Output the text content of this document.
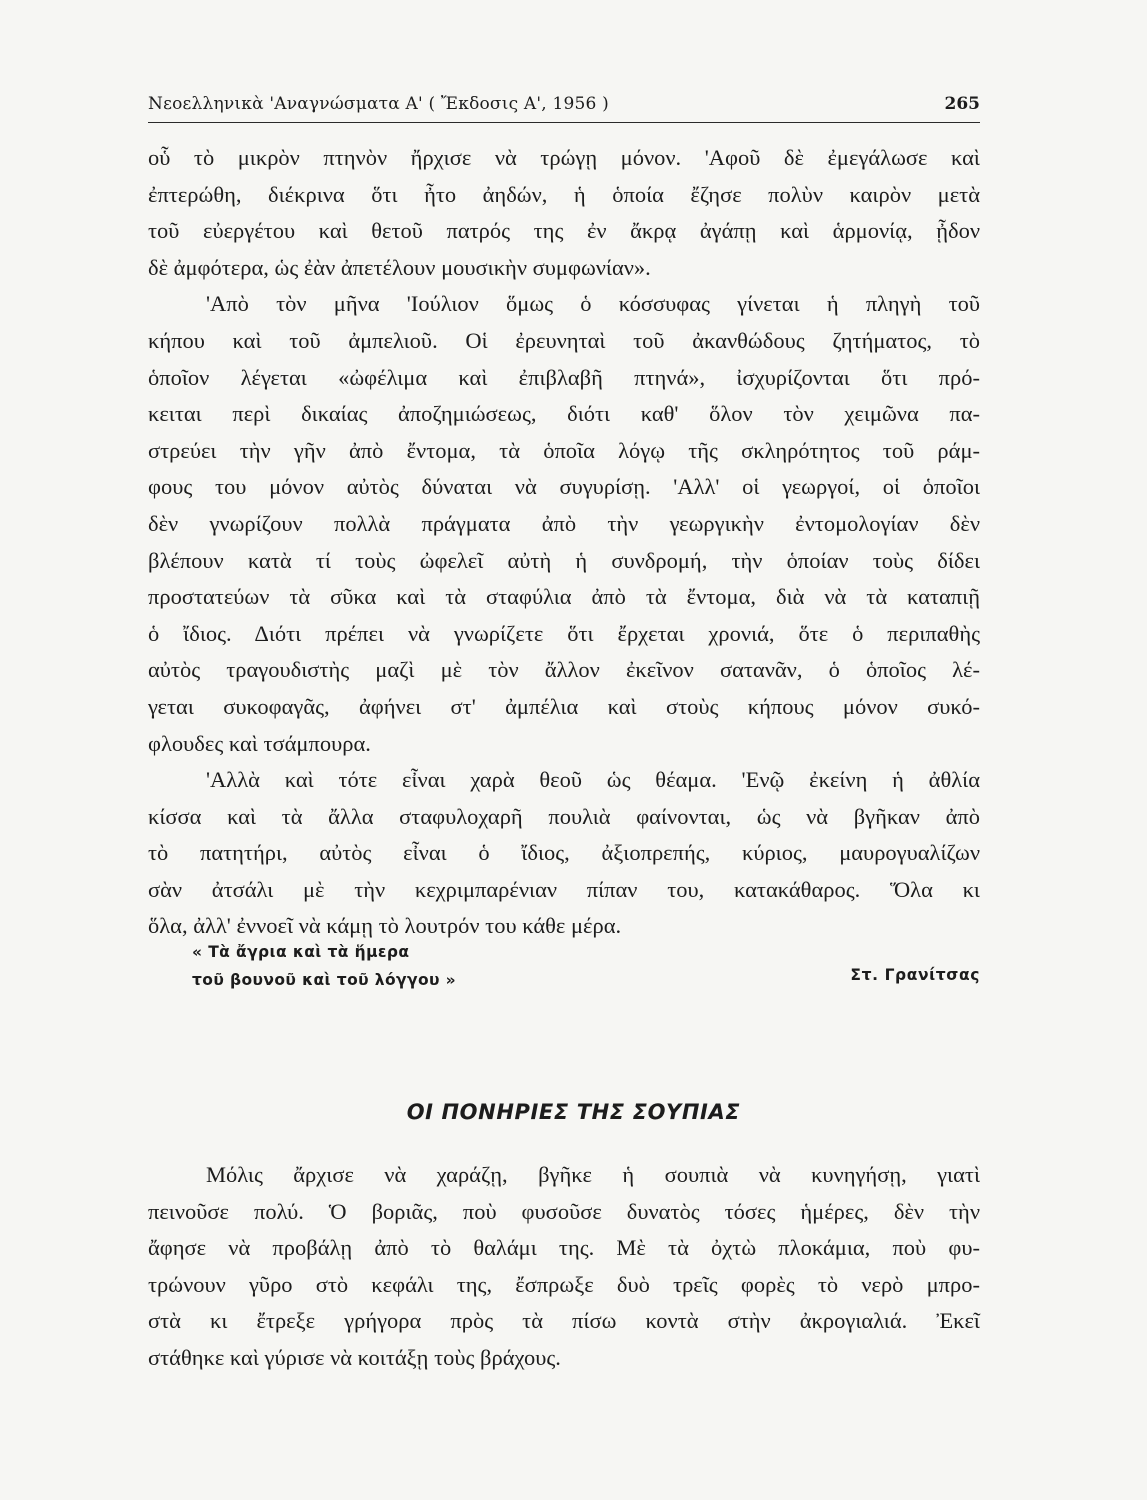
Νεοελληνικὰ 'Αναγνώσματα Α' ( Ἔκδοσις Α', 1956 )	265
οὗ τὸ μικρὸν πτηνὸν ἤρχισε νὰ τρώγῃ μόνον. 'Αφοῦ δὲ ἐμεγάλωσε καὶ
ἐπτερώθη, διέκρινα ὅτι ἦτο ἀηδών, ἡ ὁποία ἔζησε πολὺν καιρὸν μετὰ
τοῦ εὐεργέτου καὶ θετοῦ πατρός της ἐν ἄκρᾳ ἀγάπῃ καὶ ἁρμονίᾳ, ᾖδον
δὲ ἀμφότερα, ὡς ἐὰν ἀπετέλουν μουσικὴν συμφωνίαν».
'Απὸ τὸν μῆνα 'Ιούλιον ὅμως ὁ κόσσυφας γίνεται ἡ πληγὴ τοῦ
κήπου καὶ τοῦ ἀμπελιοῦ. Οἱ ἐρευνηταὶ τοῦ ἀκανθώδους ζητήματος, τὸ
ὁποῖον λέγεται «ὠφέλιμα καὶ ἐπιβλαβῆ πτηνά», ἰσχυρίζονται ὅτι πρό-
κειται περὶ δικαίας ἀποζημιώσεως, διότι καθ' ὅλον τὸν χειμῶνα πα-
στρεύει τὴν γῆν ἀπὸ ἔντομα, τὰ ὁποῖα λόγῳ τῆς σκληρότητος τοῦ ράμ-
φους του μόνον αὐτὸς δύναται νὰ συγυρίσῃ. 'Αλλ' οἱ γεωργοί, οἱ ὁποῖοι
δὲν γνωρίζουν πολλὰ πράγματα ἀπὸ τὴν γεωργικὴν ἐντομολογίαν δὲν
βλέπουν κατὰ τί τοὺς ὠφελεῖ αὐτὴ ἡ συνδρομή, τὴν ὁποίαν τοὺς δίδει
προστατεύων τὰ σῦκα καὶ τὰ σταφύλια ἀπὸ τὰ ἔντομα, διὰ νὰ τὰ καταπιῇ
ὁ ἴδιος. Διότι πρέπει νὰ γνωρίζετε ὅτι ἔρχεται χρονιά, ὅτε ὁ περιπαθὴς
αὐτὸς τραγουδιστὴς μαζὶ μὲ τὸν ἄλλον ἐκεῖνον σατανᾶν, ὁ ὁποῖος λέ-
γεται συκοφαγᾶς, ἀφήνει στ' ἀμπέλια καὶ στοὺς κήπους μόνον συκό-
φλουδες καὶ τσάμπουρα.
'Αλλὰ καὶ τότε εἶναι χαρὰ θεοῦ ὡς θέαμα. 'Ενῷ ἐκείνη ἡ ἀθλία
κίσσα καὶ τὰ ἄλλα σταφυλοχαρῆ πουλιὰ φαίνονται, ὡς νὰ βγῆκαν ἀπὸ
τὸ πατητήρι, αὐτὸς εἶναι ὁ ἴδιος, ἀξιοπρεπής, κύριος, μαυρογυαλίζων
σὰν ἀτσάλι μὲ τὴν κεχριμπαρένιαν πίπαν του, κατακάθαρος. Ὅλα κι
ὅλα, ἀλλ' ἐννοεῖ νὰ κάμῃ τὸ λουτρόν του κάθε μέρα.
« Τὰ ἄγρια καὶ τὰ ἥμερα
τοῦ βουνοῦ καὶ τοῦ λόγγου »	Στ. Γρανίτσας
ΟΙ ΠΟΝΗΡΙΕΣ ΤΗΣ ΣΟΥΠΙΑΣ
Μόλις ἄρχισε νὰ χαράζῃ, βγῆκε ἡ σουπιὰ νὰ κυνηγήσῃ, γιατὶ
πεινοῦσε πολύ. Ὁ βοριᾶς, ποὺ φυσοῦσε δυνατὸς τόσες ἡμέρες, δὲν τὴν
ἄφησε νὰ προβάλῃ ἀπὸ τὸ θαλάμι της. Μὲ τὰ ὀχτὼ πλοκάμια, ποὺ φυ-
τρώνουν γῦρο στὸ κεφάλι της, ἔσπρωξε δυὸ τρεῖς φορὲς τὸ νερὸ μπρο-
στὰ κι ἔτρεξε γρήγορα πρὸς τὰ πίσω κοντὰ στὴν ἀκρογιαλιά. Ἐκεῖ
στάθηκε καὶ γύρισε νὰ κοιτάξῃ τοὺς βράχους.
